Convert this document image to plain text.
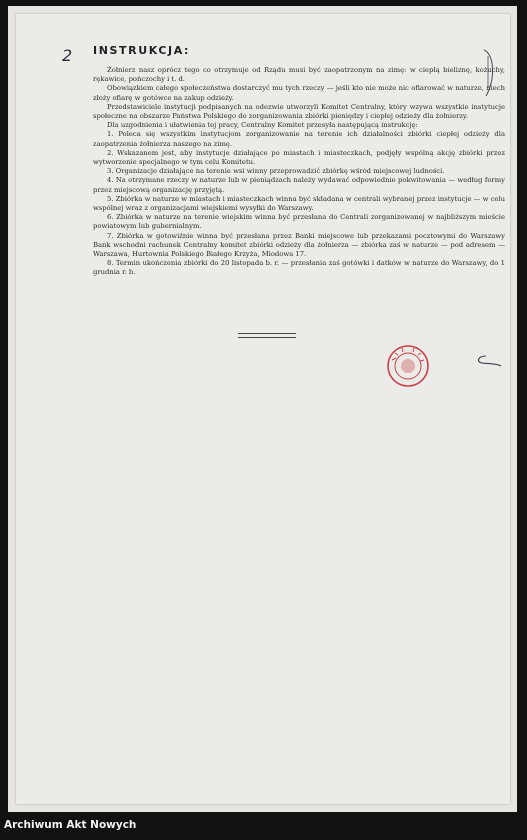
2 INSTRUKCJA:

Żołnierz nasz oprócz tego co otrzymuje od Rządu musi być zaopatrzonym na zimę: w ciepłą bieliznę, kożuchy, rękawice, pończochy i t. d.

Obowiązkiem całego społeczeństwa dostarczyć mu tych rzeczy — jeśli kto nie może nic ofiarować w naturze, niech złoży ofiarę w gotówce na zakup odzieży.

Przedstawiciele instytucji podpisanych na odezwie utworzyli Komitet Centralny, który wzywa wszystkie instytucje społeczne na obszarze Państwa Polskiego do zorganizowania zbiórki pieniędzy i ciepłej odzieży dla żołnierzy.

Dla uzgodnienia i ułatwienia tej pracy, Centralny Komitet przesyła następującą instrukcję:

1. Poleca się wszystkim instytucjom zorganizowanie na terenie ich działalności zbiórki ciepłej odzieży dla zaopatrzenia żołnierza naszego na zimę.

2. Wskazanem jest, aby instytucje działające po miastach i miasteczkach, podjęły wspólną akcję zbiórki przez wytworzenie specjalnego w tym celu Komitetu.

3. Organizacje działające na terenie wsi winny przeprowadzić zbiórkę wśród miejscowej ludności.

4. Na otrzymane rzeczy w naturze lub w pieniądzach należy wydawać odpowiednie pokwitowania — według formy przez miejscową organizację przyjętą.

5. Zbiórka w naturze w miastach i miasteczkach winna być składana w centrali wybranej przez instytucje — w celu wspólnej wraz z organizacjami wiejskiemi wysyłki do Warszawy.

6. Zbiórka w naturze na terenie wiejskim winna być przesłana do Centrali zorganizowanej w najbliższym mieście powiatowym lub gubernialnym.

7. Zbiórka w gotowiźnie winna być przesłana przez Banki miejscowe lub przekazami pocztowymi do Warszawy Bank wschodni rachunek Centralny komitet zbiórki odzieży dla żołnierza — zbiórka zaś w naturze — pod adresem — Warszawa, Hurtownia Polskiego Białego Krzyża, Miodowa 17.

8. Termin ukończenia zbiórki do 20 listopada b. r. — przesłania zaś gotówki i datków w naturze do Warszawy, do 1 grudnia r. b.

Archiwum Akt Nowych
